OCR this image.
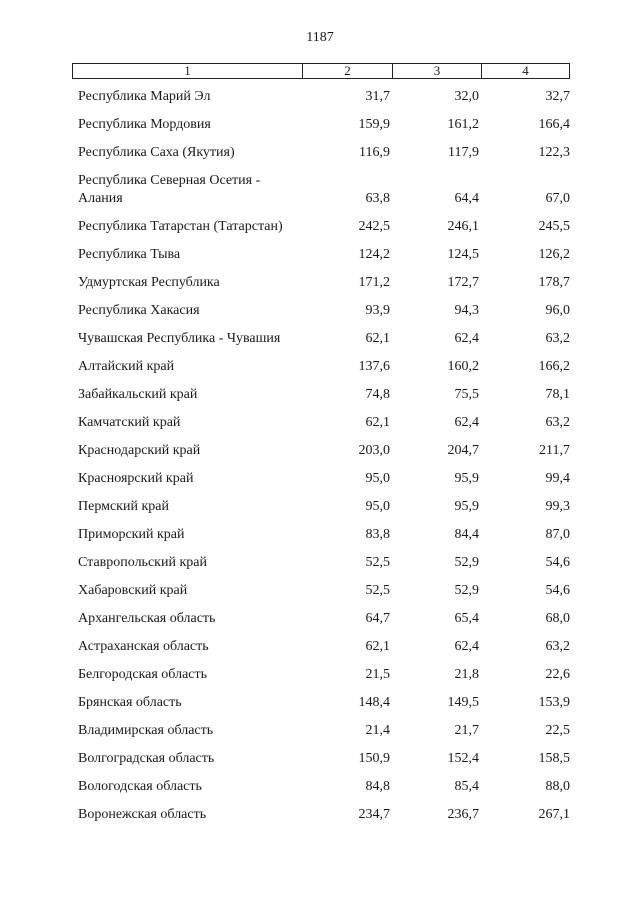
1187
1	2	3	4
Республика Марий Эл	31,7	32,0	32,7
Республика Мордовия	159,9	161,2	166,4
Республика Саха (Якутия)	116,9	117,9	122,3
Республика Северная Осетия -
Алания	63,8	64,4	67,0
Республика Татарстан (Татарстан)	242,5	246,1	245,5
Республика Тыва	124,2	124,5	126,2
Удмуртская Республика	171,2	172,7	178,7
Республика Хакасия	93,9	94,3	96,0
Чувашская Республика - Чувашия	62,1	62,4	63,2
Алтайский край	137,6	160,2	166,2
Забайкальский край	74,8	75,5	78,1
Камчатский край	62,1	62,4	63,2
Краснодарский край	203,0	204,7	211,7
Красноярский край	95,0	95,9	99,4
Пермский край	95,0	95,9	99,3
Приморский край	83,8	84,4	87,0
Ставропольский край	52,5	52,9	54,6
Хабаровский край	52,5	52,9	54,6
Архангельская область	64,7	65,4	68,0
Астраханская область	62,1	62,4	63,2
Белгородская область	21,5	21,8	22,6
Брянская область	148,4	149,5	153,9
Владимирская область	21,4	21,7	22,5
Волгоградская область	150,9	152,4	158,5
Вологодская область	84,8	85,4	88,0
Воронежская область	234,7	236,7	267,1
